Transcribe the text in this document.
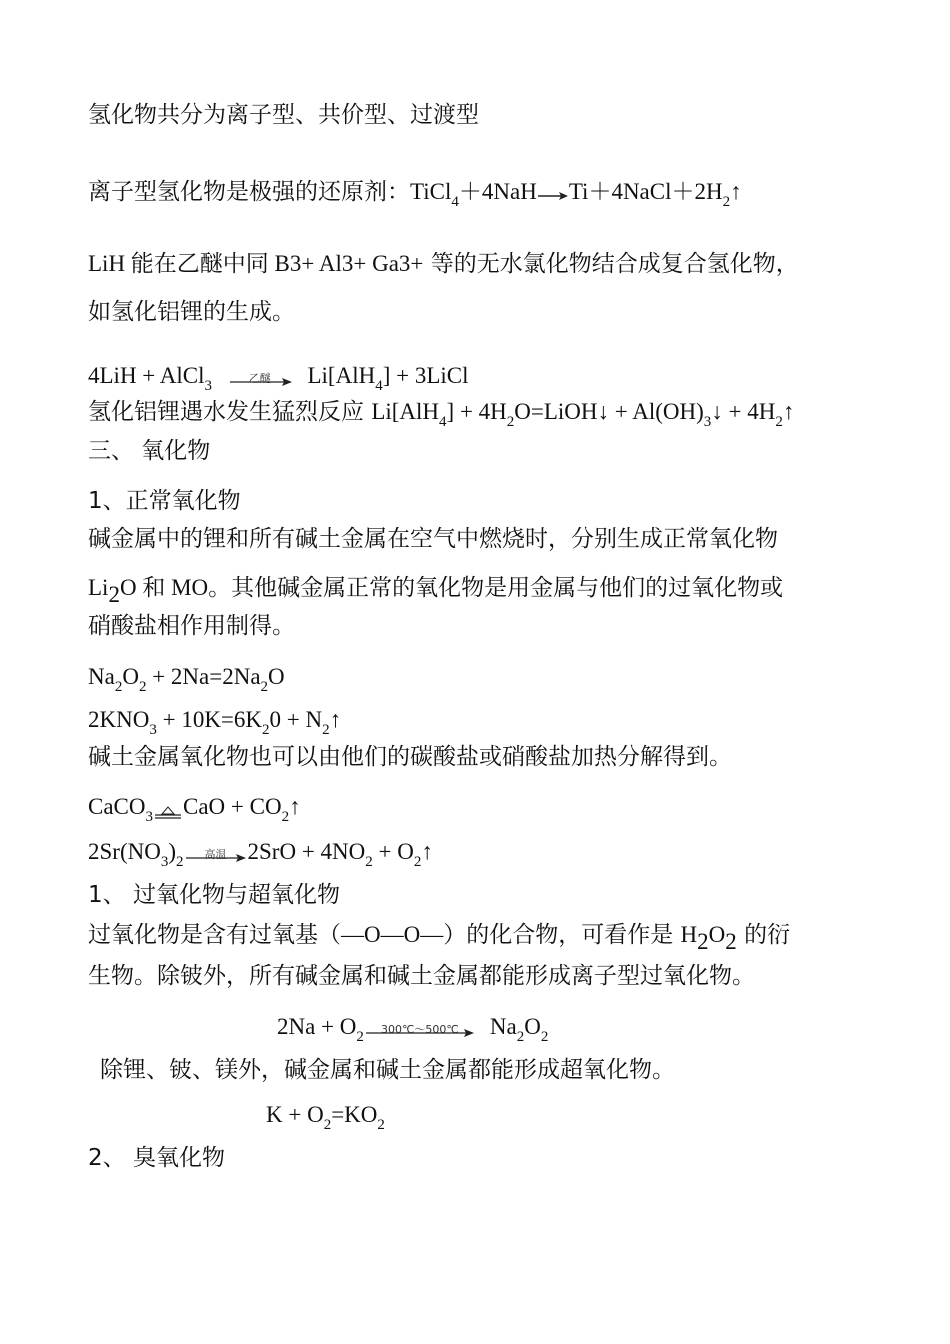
氢化物共分为离子型、共价型、过渡型
离子型氢化物是极强的还原剂：$TiCl_4+4NaH\to Ti+4NaCl+2H_2↑$
LiH 能在乙醚中同 B3+ Al3+ Ga3+ 等的无水氯化物结合成复合氢化物，
如氢化铝锂的生成。
4LiH + AlCl$_3$	乙醚	Li[AlH$_4$] + 3LiCl
氢化铝锂遇水发生猛烈反应 $Li[AlH_4] + 4H_2O=LiOH↓$ + $Al(OH)_3↓$ + $4H_2↑$
三、 氧化物
1、正常氧化物
碱金属中的锂和所有碱土金属在空气中燃烧时，分别生成正常氧化物
$Li_2O$ 和 MO。其他碱金属正常的氧化物是用金属与他们的过氧化物或
硝酸盐相作用制得。
$Na_2O_2 + 2Na=2Na_2O$
$2KNO_3 + 10K=6K_20$ + $N_2↑$
碱土金属氧化物也可以由他们的碳酸盐或硝酸盐加热分解得到。
CaCO$_3$ CaO + $CO_2↑$
$2Sr(NO_3)_2$	高温 $2SrO + 4NO_2$ + $O_2↑$
1、 过氧化物与超氧化物
过氧化物是含有过氧基（—O—O—）的化合物，可看作是 $H_2O_2$ 的衍
生物。除铍外，所有碱金属和碱土金属都能形成离子型过氧化物。
$2Na + O_2$	300℃～500℃	$Na_2O_2$
除锂、铍、镁外，碱金属和碱土金属都能形成超氧化物。
$K + O_2=KO_2$
2、 臭氧化物
